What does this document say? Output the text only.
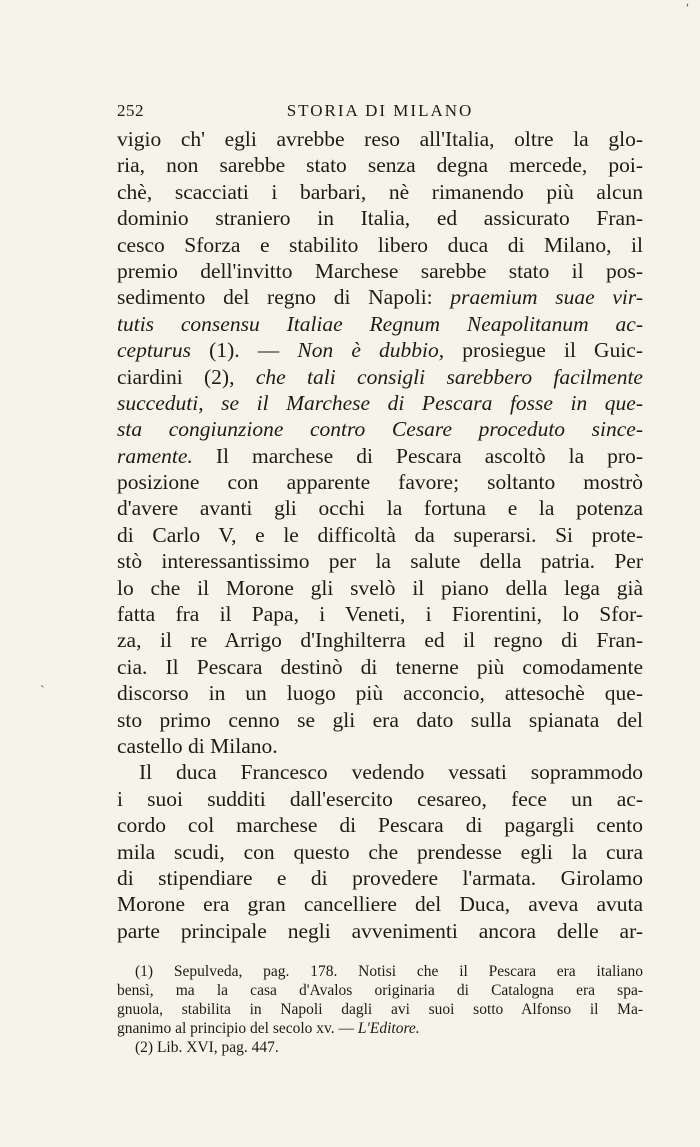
ʹ
ˋ
252	STORIA DI MILANO
vigio ch' egli avrebbe reso all'Italia, oltre la glo-
ria, non sarebbe stato senza degna mercede, poi-
chè, scacciati i barbari, nè rimanendo più alcun
dominio straniero in Italia, ed assicurato Fran-
cesco Sforza e stabilito libero duca di Milano, il
premio dell'invitto Marchese sarebbe stato il pos-
sedimento del regno di Napoli: praemium suae vir-
tutis consensu Italiae Regnum Neapolitanum ac-
cepturus (1). — Non è dubbio, prosiegue il Guic-
ciardini (2), che tali consigli sarebbero facilmente
succeduti, se il Marchese di Pescara fosse in que-
sta congiunzione contro Cesare proceduto since-
ramente. Il marchese di Pescara ascoltò la pro-
posizione con apparente favore; soltanto mostrò
d'avere avanti gli occhi la fortuna e la potenza
di Carlo V, e le difficoltà da superarsi. Si prote-
stò interessantissimo per la salute della patria. Per
lo che il Morone gli svelò il piano della lega già
fatta fra il Papa, i Veneti, i Fiorentini, lo Sfor-
za, il re Arrigo d'Inghilterra ed il regno di Fran-
cia. Il Pescara destinò di tenerne più comodamente
discorso in un luogo più acconcio, attesochè que-
sto primo cenno se gli era dato sulla spianata del
castello di Milano.
Il duca Francesco vedendo vessati soprammodo
i suoi sudditi dall'esercito cesareo, fece un ac-
cordo col marchese di Pescara di pagargli cento
mila scudi, con questo che prendesse egli la cura
di stipendiare e di provedere l'armata. Girolamo
Morone era gran cancelliere del Duca, aveva avuta
parte principale negli avvenimenti ancora delle ar-
(1) Sepulveda, pag. 178. Notisi che il Pescara era italiano
bensì, ma la casa d'Avalos originaria di Catalogna era spa-
gnuola, stabilita in Napoli dagli avi suoi sotto Alfonso il Ma-
gnanimo al principio del secolo xv. — L'Editore.
(2) Lib. XVI, pag. 447.
